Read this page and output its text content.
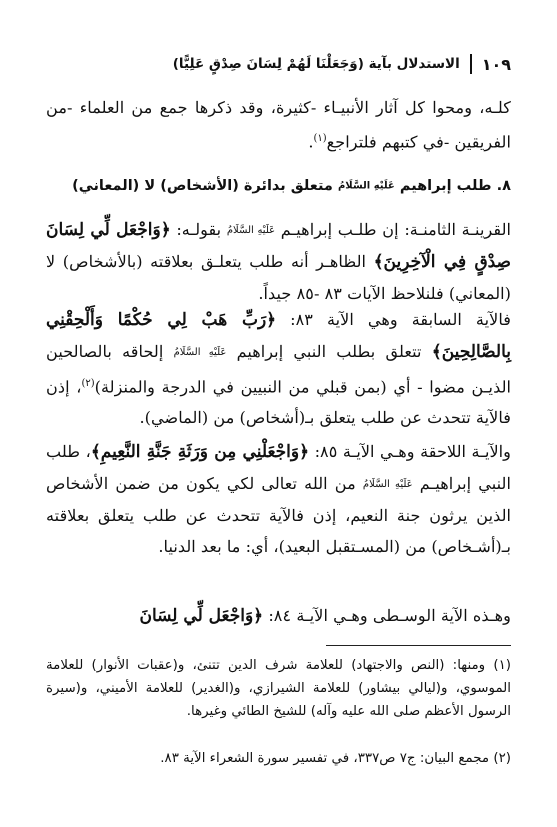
١٠٩
الاستدلال بآية (وَجَعَلْنَا لَهُمْ لِسَانَ صِدْقٍ عَلِيًّا)

كلـه، ومحوا كل آثار الأنبيـاء -كثيرة، وقد ذكرها جمع من العلماء -من الفريقين -في كتبهم فلتراجع$^{(١)}$.

٨. طلب إبراهيم عَلَيْهِ السَّلَامُ متعلق بدائرة (الأشخاص) لا (المعاني)

القرينـة الثامنـة: إن طلـب إبراهيـم عَلَيْهِ السَّلَامُ بقولـه: ﴿وَاجْعَل لِّي لِسَانَ صِدْقٍ فِي الْآخِرِينَ﴾ الظاهـر أنه طلب يتعلـق بعلاقته (بالأشخاص) لا (المعاني) فلنلاحظ الآيات ٨٣ -٨٥ جيداً.

فالآية السابقة وهي الآية ٨٣: ﴿رَبِّ هَبْ لِي حُكْمًا وَأَلْحِقْنِي بِالصَّالِحِينَ﴾ تتعلق بطلب النبي إبراهيم عَلَيْهِ السَّلَامُ إلحاقه بالصالحين الذيـن مضوا - أي (بمن قبلي من النبيين في الدرجة والمنزلة)$^{(٢)}$، إذن فالآية تتحدث عن طلب يتعلق بـ(أشخاص) من (الماضي).

والآيـة اللاحقة وهـي الآيـة ٨٥: ﴿وَاجْعَلْنِي مِن وَرَثَةِ جَنَّةِ النَّعِيمِ﴾، طلب النبي إبراهيـم عَلَيْهِ السَّلَامُ من الله تعالى لكي يكون من ضمن الأشخاص الذين يرثون جنة النعيم، إذن فالآية تتحدث عن طلب يتعلق بعلاقته بـ(أشـخاص) من (المسـتقبل البعيد)، أي: ما بعد الدنيا.

وهـذه الآية الوسـطى وهـي الآيـة ٨٤: ﴿وَاجْعَل لِّي لِسَانَ

(١) ومنها: (النص والاجتهاد) للعلامة شرف الدين تتنئ، و(عقبات الأنوار) للعلامة الموسوي، و(ليالي بيشاور) للعلامة الشيرازي، و(الغدير) للعلامة الأميني، و(سيرة الرسول الأعظم صلى الله عليه وآله) للشيخ الطائي وغيرها.

(٢) مجمع البيان: ج٧ ص٣٣٧، في تفسير سورة الشعراء الآية ٨٣.
